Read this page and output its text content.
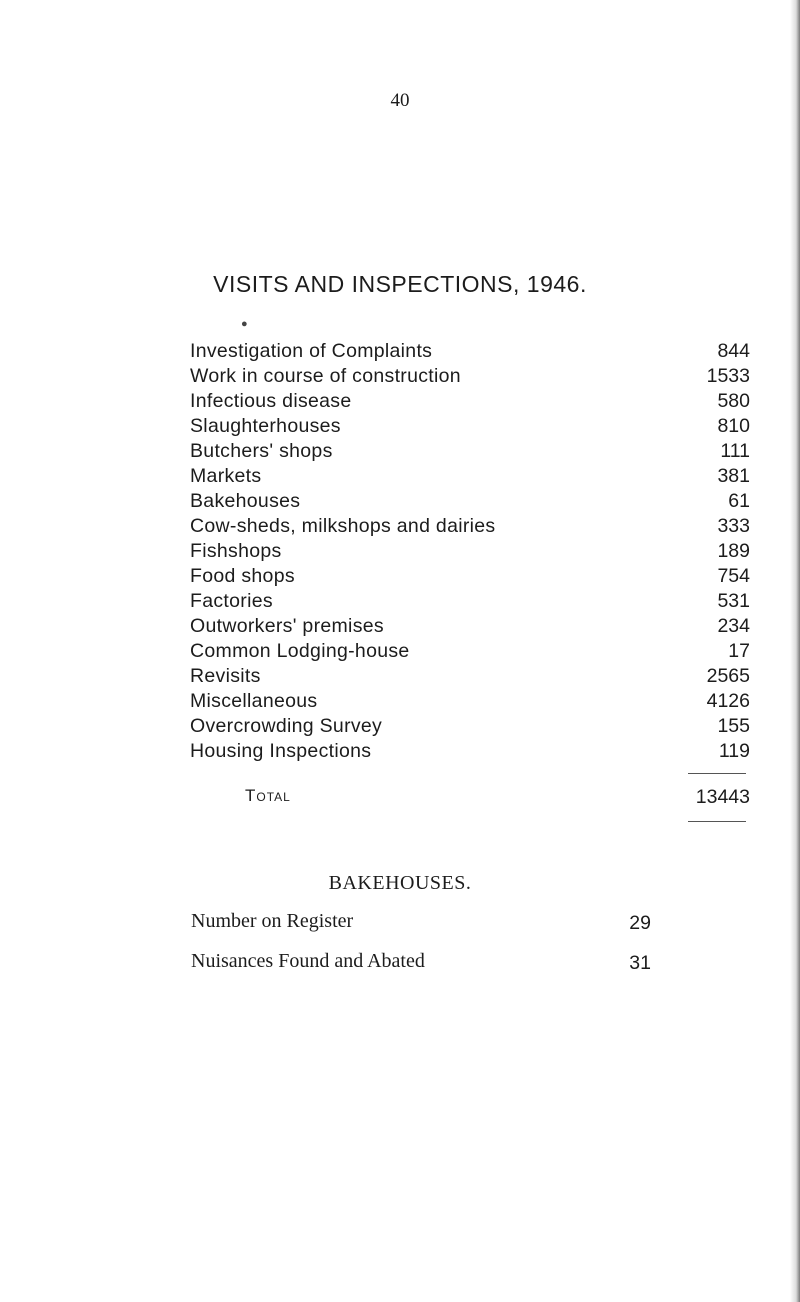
40
VISITS AND INSPECTIONS, 1946.
●
Investigation of Complaints	844
Work in course of construction	1533
Infectious disease	580
Slaughterhouses	810
Butchers' shops	111
Markets	381
Bakehouses	61
Cow-sheds, milkshops and dairies	333
Fishshops	189
Food shops	754
Factories	531
Outworkers' premises	234
Common Lodging-house	17
Revisits	2565
Miscellaneous	4126
Overcrowding Survey	155
Housing Inspections	119
Total	13443
BAKEHOUSES.
Number on Register	29
Nuisances Found and Abated	31
